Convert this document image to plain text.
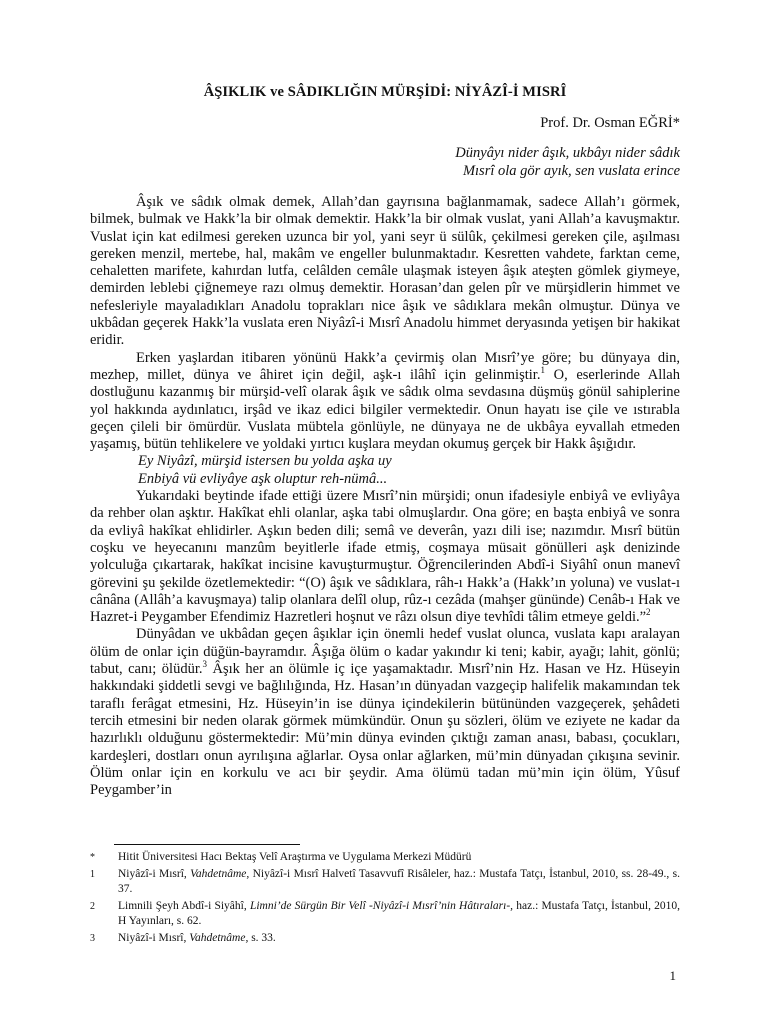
ÂŞIKLIK ve SÂDIKLIĞIN MÜRŞİDİ: NİYÂZÎ-İ MISRÎ
Prof. Dr. Osman EĞRİ*
Dünyâyı nider âşık, ukbâyı nider sâdık
Mısrî ola gör ayık, sen vuslata erince

Âşık ve sâdık olmak demek, Allah’dan gayrısına bağlanmamak, sadece Allah’ı görmek, bilmek, bulmak ve Hakk’la bir olmak demektir. Hakk’la bir olmak vuslat, yani Allah’a kavuşmaktır. Vuslat için kat edilmesi gereken uzunca bir yol, yani seyr ü sülûk, çekilmesi gereken çile, aşılması gereken menzil, mertebe, hal, makâm ve engeller bulunmaktadır. Kesretten vahdete, farktan ceme, cehaletten marifete, kahırdan lutfa, celâlden cemâle ulaşmak isteyen âşık ateşten gömlek giymeye, demirden leblebi çiğnemeye razı olmuş demektir. Horasan’dan gelen pîr ve mürşidlerin himmet ve nefesleriyle mayaladıkları Anadolu toprakları nice âşık ve sâdıklara mekân olmuştur. Dünya ve ukbâdan geçerek Hakk’la vuslata eren Niyâzî-i Mısrî Anadolu himmet deryasında yetişen bir hakikat eridir.

Erken yaşlardan itibaren yönünü Hakk’a çevirmiş olan Mısrî’ye göre; bu dünyaya din, mezhep, millet, dünya ve âhiret için değil, aşk-ı ilâhî için gelinmiştir.$^1$ O, eserlerinde Allah dostluğunu kazanmış bir mürşid-velî olarak âşık ve sâdık olma sevdasına düşmüş gönül sahiplerine yol hakkında aydınlatıcı, irşâd ve ikaz edici bilgiler vermektedir. Onun hayatı ise çile ve ıstırabla geçen çileli bir ömürdür. Vuslata mübtela gönlüyle, ne dünyaya ne de ukbâya eyvallah etmeden yaşamış, bütün tehlikelere ve yoldaki yırtıcı kuşlara meydan okumuş gerçek bir Hakk âşığıdır.

Ey Niyâzî, mürşid istersen bu yolda aşka uy
Enbiyâ vü evliyâye aşk oluptur reh-nümâ...

Yukarıdaki beytinde ifade ettiği üzere Mısrî’nin mürşidi; onun ifadesiyle enbiyâ ve evliyâya da rehber olan aşktır. Hakîkat ehli olanlar, aşka tabi olmuşlardır. Ona göre; en başta enbiyâ ve sonra da evliyâ hakîkat ehlidirler. Aşkın beden dili; semâ ve deverân, yazı dili ise; nazımdır. Mısrî bütün coşku ve heyecanını manzûm beyitlerle ifade etmiş, coşmaya müsait gönülleri aşk denizinde yolculuğa çıkartarak, hakîkat incisine kavuşturmuştur. Öğrencilerinden Abdî-i Siyâhî onun manevî görevini şu şekilde özetlemektedir: “(O) âşık ve sâdıklara, râh-ı Hakk’a (Hakk’ın yoluna) ve vuslat-ı cânâna (Allâh’a kavuşmaya) talip olanlara delîl olup, rûz-ı cezâda (mahşer gününde) Cenâb-ı Hak ve Hazret-i Peygamber Efendimiz Hazretleri hoşnut ve râzı olsun diye tevhîdi tâlim etmeye geldi.”$^2$

Dünyâdan ve ukbâdan geçen âşıklar için önemli hedef vuslat olunca, vuslata kapı aralayan ölüm de onlar için düğün-bayramdır. Âşığa ölüm o kadar yakındır ki teni; kabir, ayağı; lahit, gönlü; tabut, canı; ölüdür.$^3$ Âşık her an ölümle iç içe yaşamaktadır. Mısrî’nin Hz. Hasan ve Hz. Hüseyin hakkındaki şiddetli sevgi ve bağlılığında, Hz. Hasan’ın dünyadan vazgeçip halifelik makamından tek taraflı ferâgat etmesini, Hz. Hüseyin’in ise dünya içindekilerin bütününden vazgeçerek, şehâdeti tercih etmesini bir neden olarak görmek mümkündür. Onun şu sözleri, ölüm ve eziyete ne kadar da hazırlıklı olduğunu göstermektedir: Mü’min dünya evinden çıktığı zaman anası, babası, çocukları, kardeşleri, dostları onun ayrılışına ağlarlar. Oysa onlar ağlarken, mü’min dünyadan çıkışına sevinir. Ölüm onlar için en korkulu ve acı bir şeydir. Ama ölümü tadan mü’min için ölüm, Yûsuf Peygamber’in

*	Hitit Üniversitesi Hacı Bektaş Velî Araştırma ve Uygulama Merkezi Müdürü
1	Niyâzî-i Mısrî, Vahdetnâme, Niyâzî-i Mısrî Halvetî Tasavvufî Risâleler, haz.: Mustafa Tatçı, İstanbul, 2010, ss. 28-49., s. 37.
2	Limnili Şeyh Abdî-i Siyâhî, Limni’de Sürgün Bir Velî -Niyâzî-i Mısrî’nin Hâtıraları-, haz.: Mustafa Tatçı, İstanbul, 2010, H Yayınları, s. 62.
3	Niyâzî-i Mısrî, Vahdetnâme, s. 33.
1
